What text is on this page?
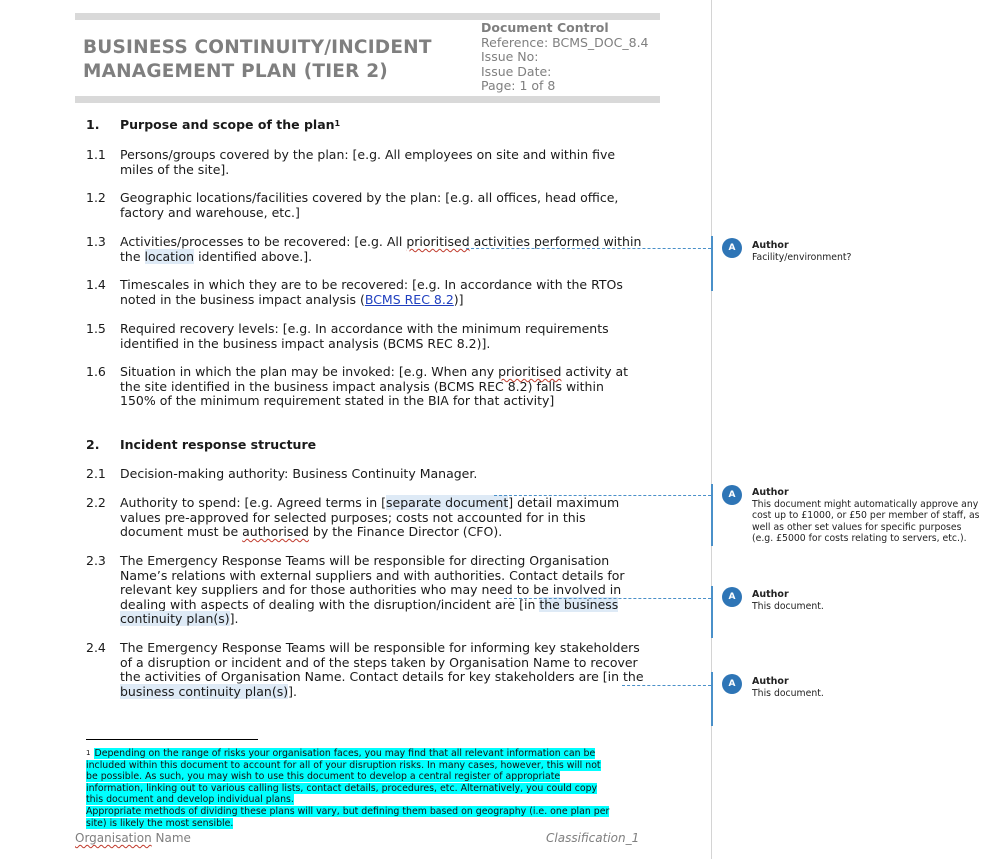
BUSINESS CONTINUITY/INCIDENT
MANAGEMENT PLAN (TIER 2)
Document Control
Reference: BCMS_DOC_8.4
Issue No:
Issue Date:
Page: 1 of 8
1. Purpose and scope of the plan$^1$
1.1 Persons/groups covered by the plan: [e.g. All employees on site and within five
miles of the site].
1.2 Geographic locations/facilities covered by the plan: [e.g. all offices, head office,
factory and warehouse, etc.]
1.3 Activities/processes to be recovered: [e.g. All prioritised activities performed within
the location identified above.].
1.4 Timescales in which they are to be recovered: [e.g. In accordance with the RTOs
noted in the business impact analysis (BCMS REC 8.2)]
1.5 Required recovery levels: [e.g. In accordance with the minimum requirements
identified in the business impact analysis (BCMS REC 8.2)].
1.6 Situation in which the plan may be invoked: [e.g. When any prioritised activity at
the site identified in the business impact analysis (BCMS REC 8.2) falls within
150% of the minimum requirement stated in the BIA for that activity]
2. Incident response structure
2.1 Decision-making authority: Business Continuity Manager.
2.2 Authority to spend: [e.g. Agreed terms in [separate document] detail maximum
values pre-approved for selected purposes; costs not accounted for in this
document must be authorised by the Finance Director (CFO).
2.3 The Emergency Response Teams will be responsible for directing Organisation
Name’s relations with external suppliers and with authorities. Contact details for
relevant key suppliers and for those authorities who may need to be involved in
dealing with aspects of dealing with the disruption/incident are [in the business
continuity plan(s)].
2.4 The Emergency Response Teams will be responsible for informing key stakeholders
of a disruption or incident and of the steps taken by Organisation Name to recover
the activities of Organisation Name. Contact details for key stakeholders are [in the
business continuity plan(s)].
$^1$ Depending on the range of risks your organisation faces, you may find that all relevant information can be
included within this document to account for all of your disruption risks. In many cases, however, this will not
be possible. As such, you may wish to use this document to develop a central register of appropriate
information, linking out to various calling lists, contact details, procedures, etc. Alternatively, you could copy
this document and develop individual plans.
Appropriate methods of dividing these plans will vary, but defining them based on geography (i.e. one plan per
site) is likely the most sensible.
Organisation Name	Classification_1
A	Author
Facility/environment?
A	Author
This document might automatically approve any
cost up to £1000, or £50 per member of staff, as
well as other set values for specific purposes
(e.g. £5000 for costs relating to servers, etc.).
A	Author
This document.
A	Author
This document.
